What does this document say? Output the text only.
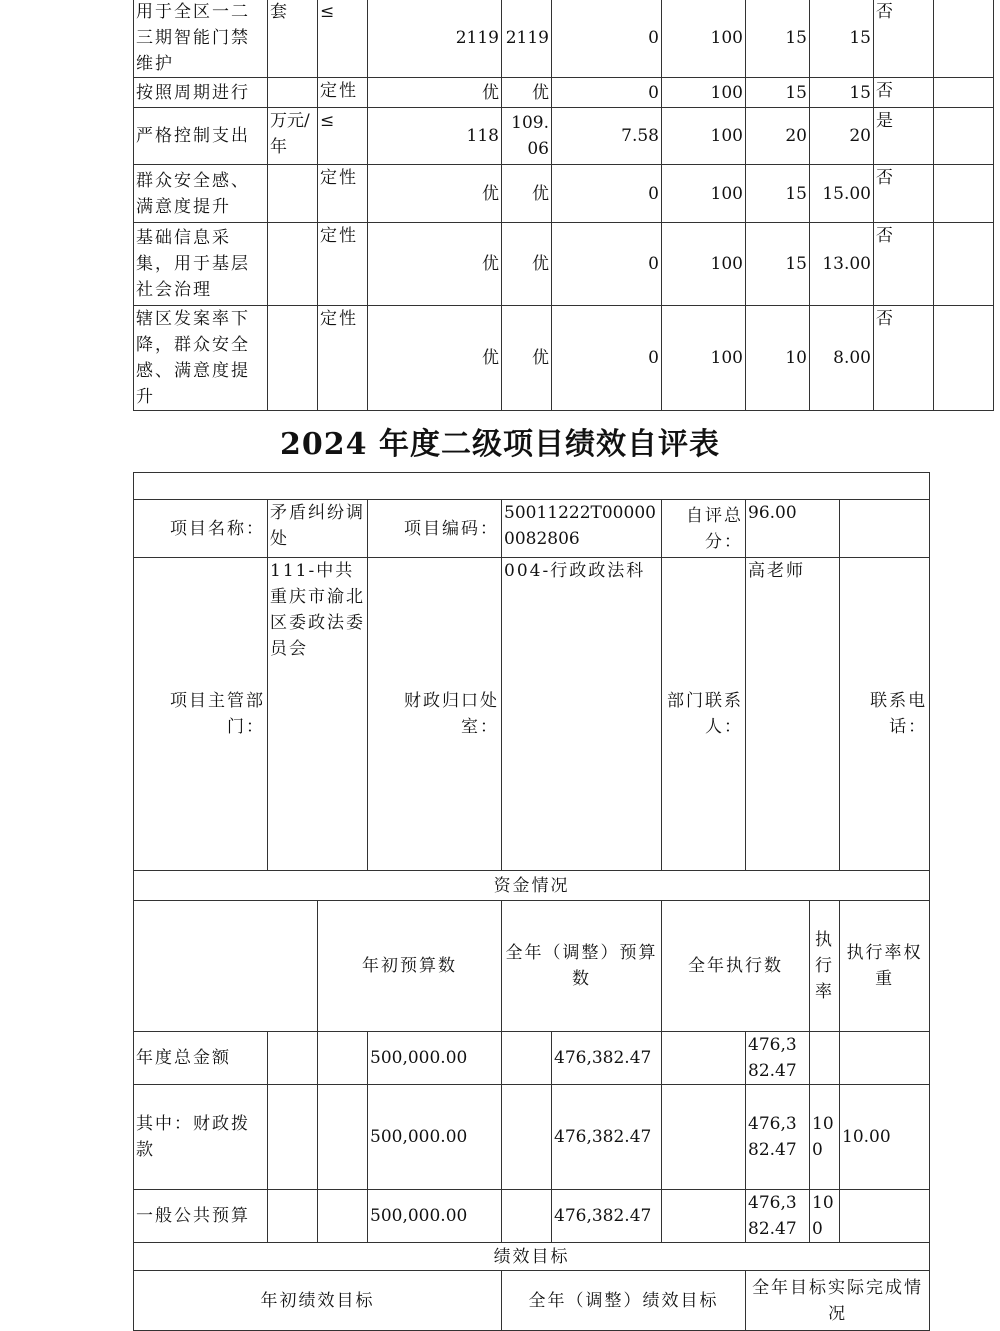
用于全区一二三期智能门禁维护	套	≤	2119	2119	0	100	15	15	否	
按照周期进行		定性	优	优	0	100	15	15	否	
严格控制支出	万元/年	≤	118	109.06	7.58	100	20	20	是	
群众安全感、满意度提升		定性	优	优	0	100	15	15.00	否	
基础信息采集，用于基层社会治理		定性	优	优	0	100	15	13.00	否	
辖区发案率下降，群众安全感、满意度提升		定性	优	优	0	100	10	8.00	否	
2024 年度二级项目绩效自评表

项目名称：	矛盾纠纷调处		项目编码：	50011222T000000082806		自评总分：	96.00			
项目主管部门：	111-中共重庆市渝北区委政法委员会		财政归口处室：	004-行政政法科		部门联系人：	高老师		联系电话：	
资金情况										
		年初预算数		全年（调整）预算数		全年执行数		执行率	执行率权重	
年度总金额			500,000.00		476,382.47		476,382.47			
其中：财政拨款			500,000.00		476,382.47		476,382.47	100	10.00	
一般公共预算			500,000.00		476,382.47		476,382.47	100		
绩效目标										
年初绩效目标				全年（调整）绩效目标			全年目标实际完成情况			
